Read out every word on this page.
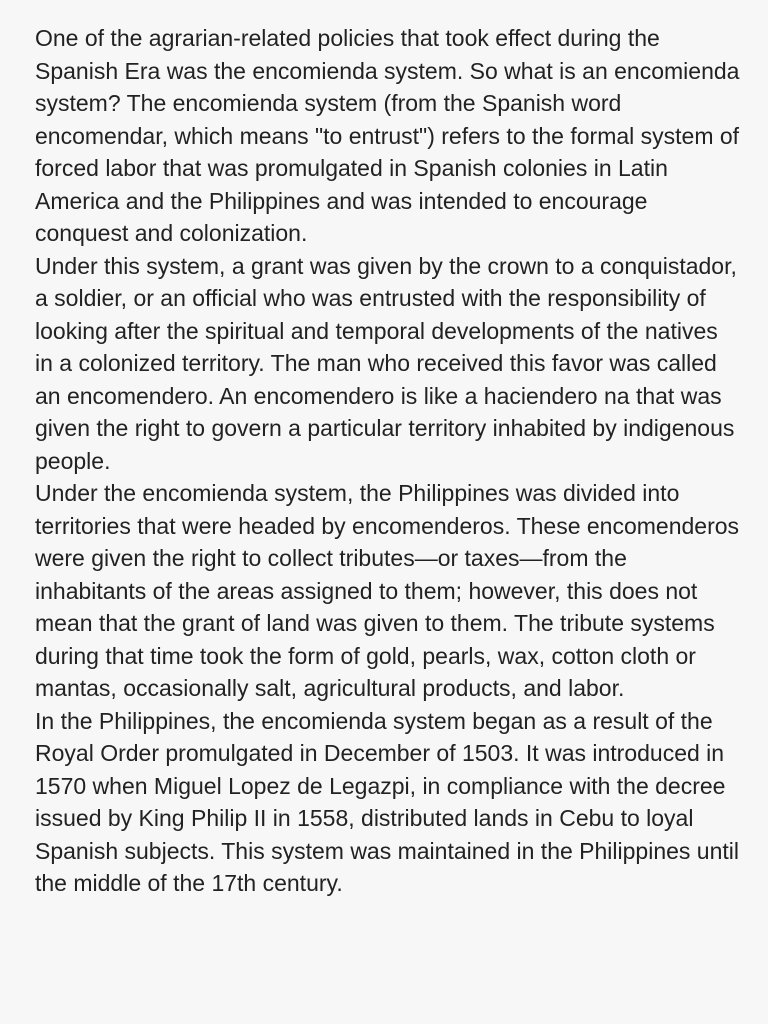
One of the agrarian-related policies that took effect during the Spanish Era was the encomienda system. So what is an encomienda system? The encomienda system (from the Spanish word encomendar, which means "to entrust") refers to the formal system of forced labor that was promulgated in Spanish colonies in Latin America and the Philippines and was intended to encourage conquest and colonization.

Under this system, a grant was given by the crown to a conquistador, a soldier, or an official who was entrusted with the responsibility of looking after the spiritual and temporal developments of the natives in a colonized territory. The man who received this favor was called an encomendero. An encomendero is like a haciendero na that was given the right to govern a particular territory inhabited by indigenous people.

Under the encomienda system, the Philippines was divided into territories that were headed by encomenderos. These encomenderos were given the right to collect tributes—or taxes—from the inhabitants of the areas assigned to them; however, this does not mean that the grant of land was given to them. The tribute systems during that time took the form of gold, pearls, wax, cotton cloth or mantas, occasionally salt, agricultural products, and labor.

In the Philippines, the encomienda system began as a result of the Royal Order promulgated in December of 1503. It was introduced in 1570 when Miguel Lopez de Legazpi, in compliance with the decree issued by King Philip II in 1558, distributed lands in Cebu to loyal Spanish subjects. This system was maintained in the Philippines until the middle of the 17th century.
